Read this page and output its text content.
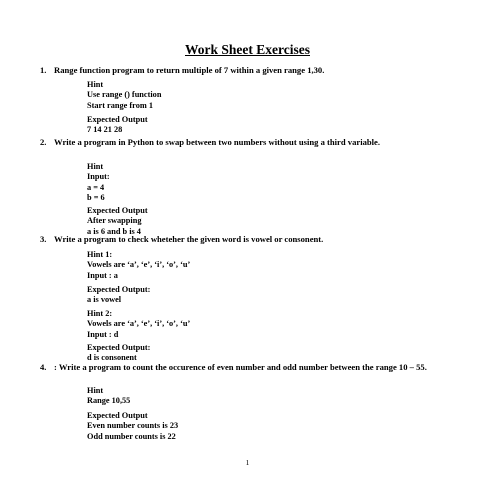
Work Sheet Exercises
1. Range function program to return multiple of 7 within a given range 1,30.
Hint
Use range () function
Start range from 1
Expected Output
7 14 21 28
2. Write a program in Python to swap between two numbers without using a third variable.
Hint
Input:
a = 4
b = 6
Expected Output
After swapping
a is 6 and b is 4
3. Write a program to check wheteher the given word is vowel or consonent.
Hint 1:
Vowels are ‘a’, ‘e’, ‘i’, ‘o’, ‘u’
Input : a
Expected Output:
a is vowel
Hint 2:
Vowels are ‘a’, ‘e’, ‘i’, ‘o’, ‘u’
Input : d
Expected Output:
d is consonent
4. : Write a program to count the occurence of even number and odd number between the range 10 – 55.
Hint
Range 10,55
Expected Output
Even number counts is 23
Odd number counts is 22
1
